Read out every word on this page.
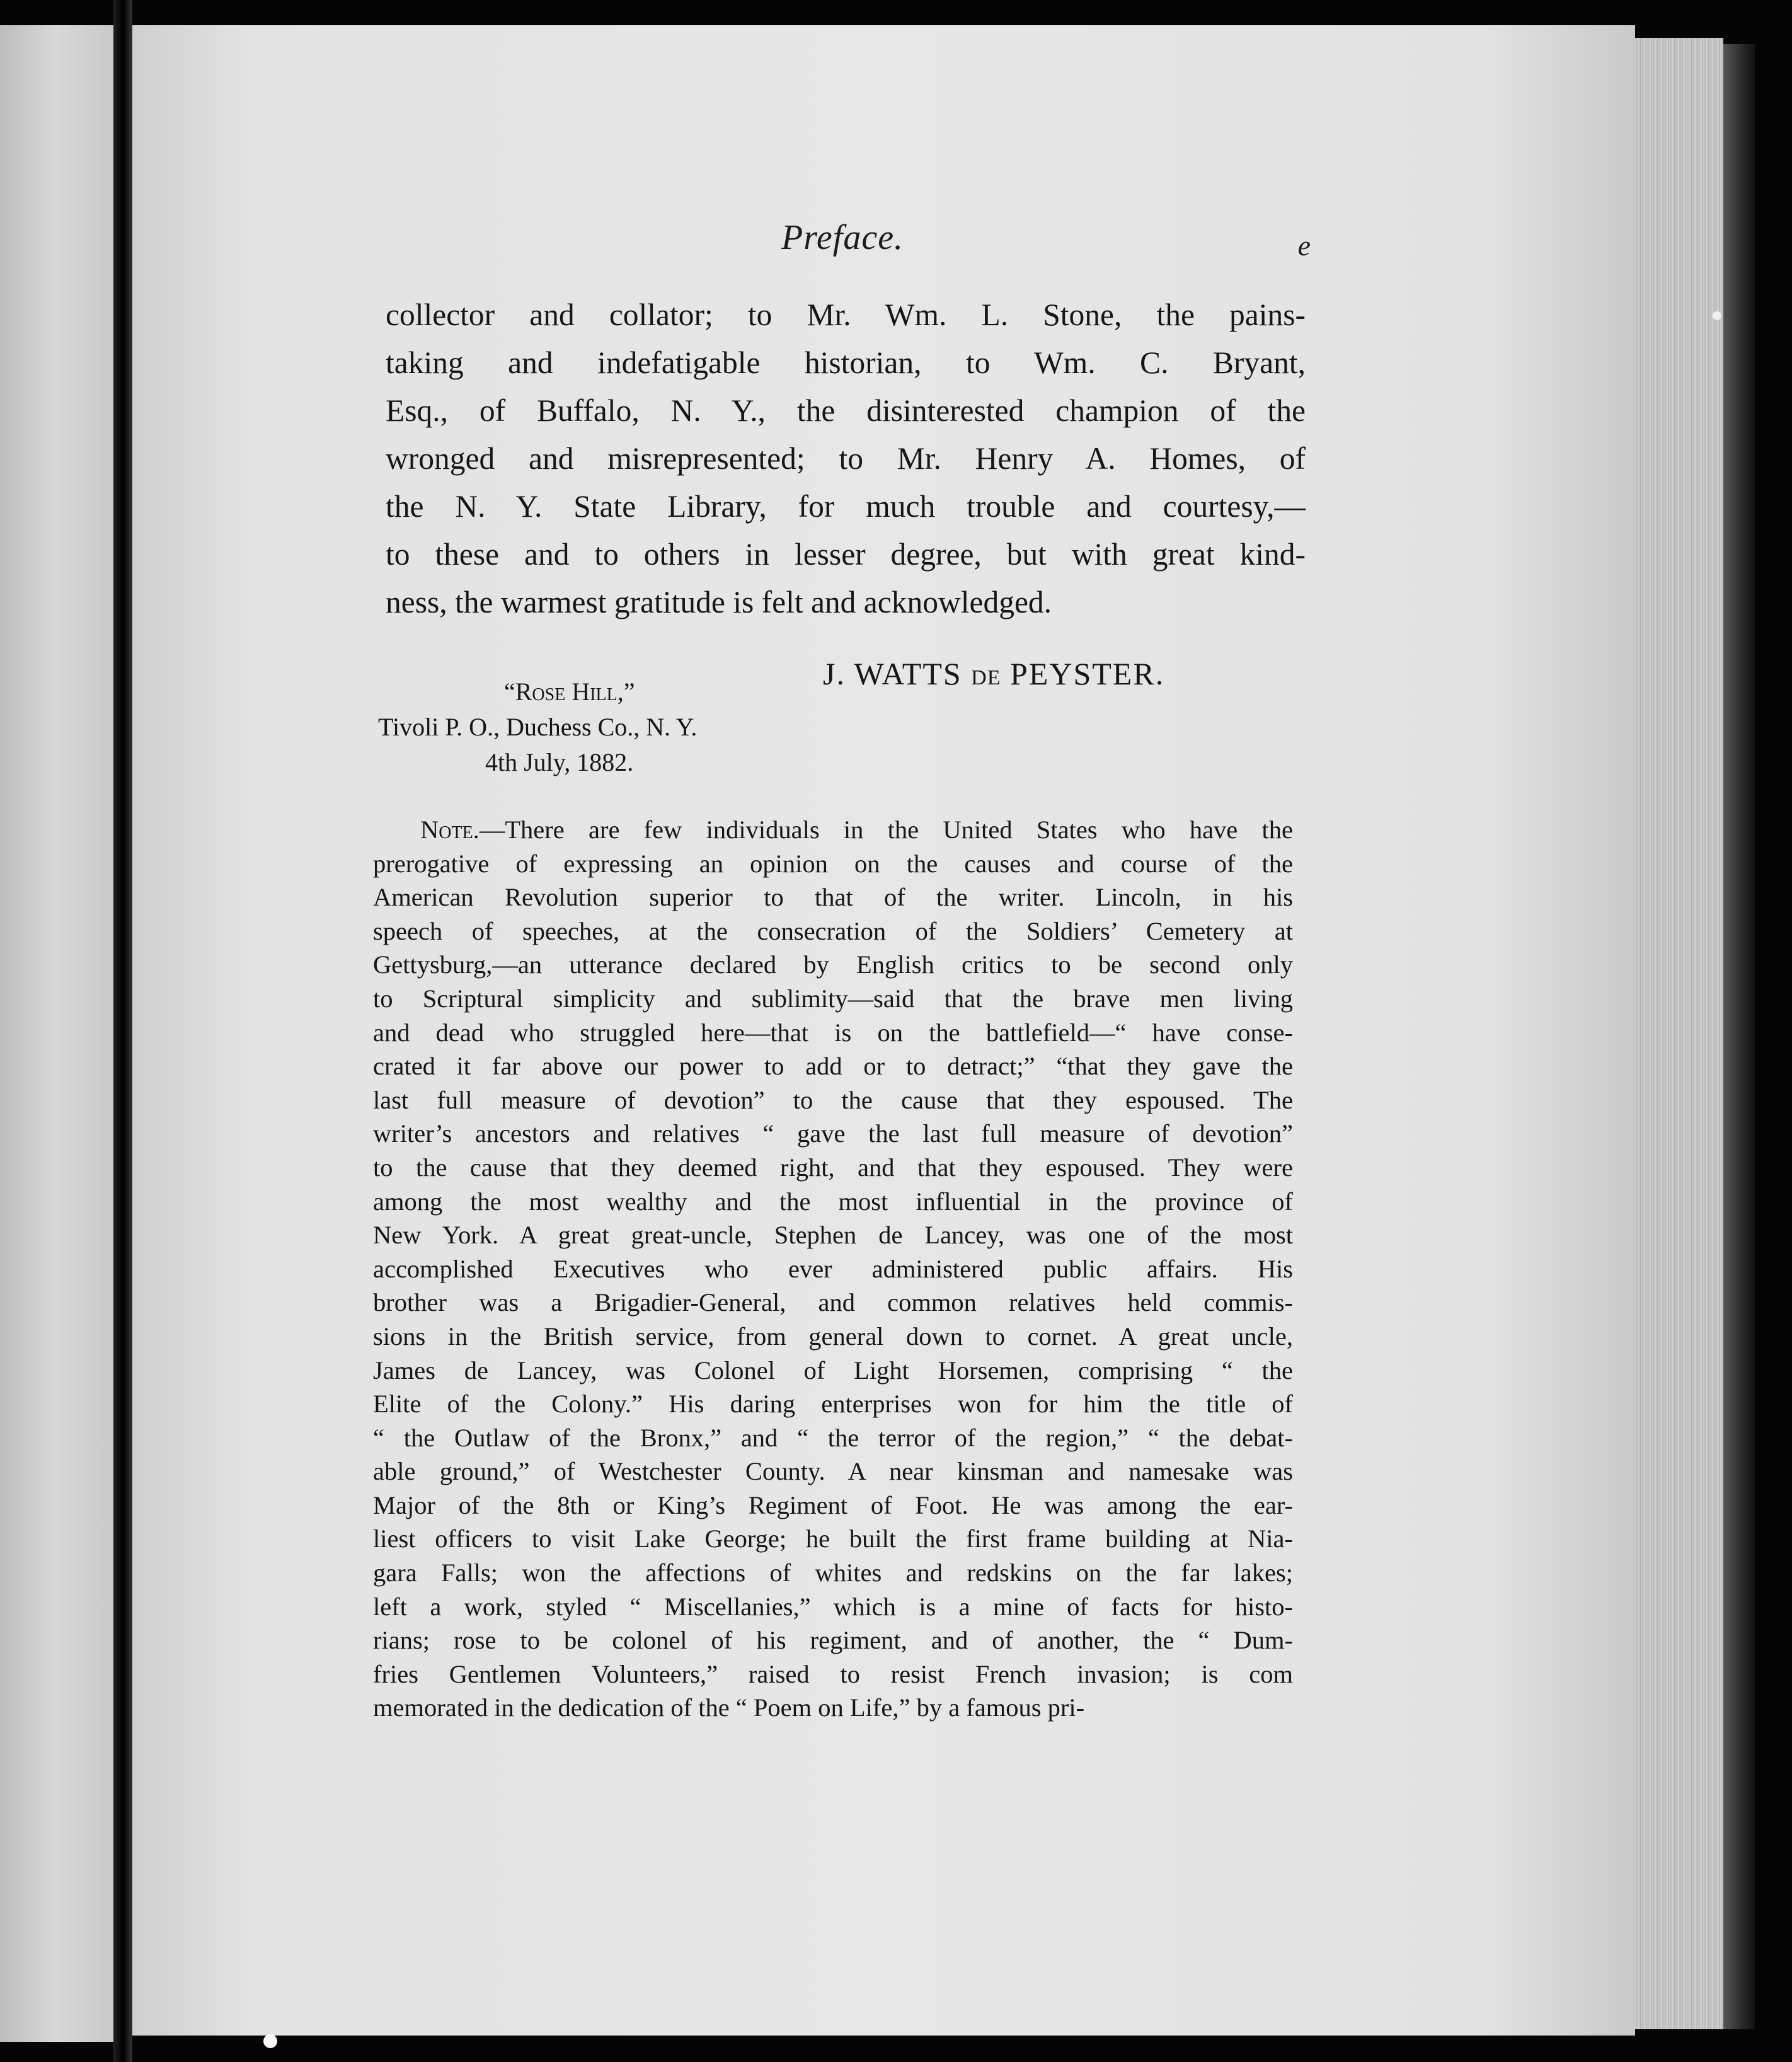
Preface.	e
collector and collator; to Mr. Wm. L. Stone, the pains-
taking and indefatigable historian, to Wm. C. Bryant,
Esq., of Buffalo, N. Y., the disinterested champion of the
wronged and misrepresented; to Mr. Henry A. Homes, of
the N. Y. State Library, for much trouble and courtesy,—
to these and to others in lesser degree, but with great kind-
ness, the warmest gratitude is felt and acknowledged.
J. WATTS DE PEYSTER.
“Rose Hill,”
Tivoli P. O., Duchess Co., N. Y.
4th July, 1882.
Note.—There are few individuals in the United States who have the
prerogative of expressing an opinion on the causes and course of the
American Revolution superior to that of the writer. Lincoln, in his
speech of speeches, at the consecration of the Soldiers’ Cemetery at
Gettysburg,—an utterance declared by English critics to be second only
to Scriptural simplicity and sublimity—said that the brave men living
and dead who struggled here—that is on the battlefield—“ have conse-
crated it far above our power to add or to detract;” “that they gave the
last full measure of devotion” to the cause that they espoused. The
writer’s ancestors and relatives “ gave the last full measure of devotion”
to the cause that they deemed right, and that they espoused. They were
among the most wealthy and the most influential in the province of
New York. A great great-uncle, Stephen de Lancey, was one of the most
accomplished Executives who ever administered public affairs. His
brother was a Brigadier-General, and common relatives held commis-
sions in the British service, from general down to cornet. A great uncle,
James de Lancey, was Colonel of Light Horsemen, comprising “ the
Elite of the Colony.” His daring enterprises won for him the title of
“ the Outlaw of the Bronx,” and “ the terror of the region,” “ the debat-
able ground,” of Westchester County. A near kinsman and namesake was
Major of the 8th or King’s Regiment of Foot. He was among the ear-
liest officers to visit Lake George; he built the first frame building at Nia-
gara Falls; won the affections of whites and redskins on the far lakes;
left a work, styled “ Miscellanies,” which is a mine of facts for histo-
rians; rose to be colonel of his regiment, and of another, the “ Dum-
fries Gentlemen Volunteers,” raised to resist French invasion; is com
memorated in the dedication of the “ Poem on Life,” by a famous pri-
